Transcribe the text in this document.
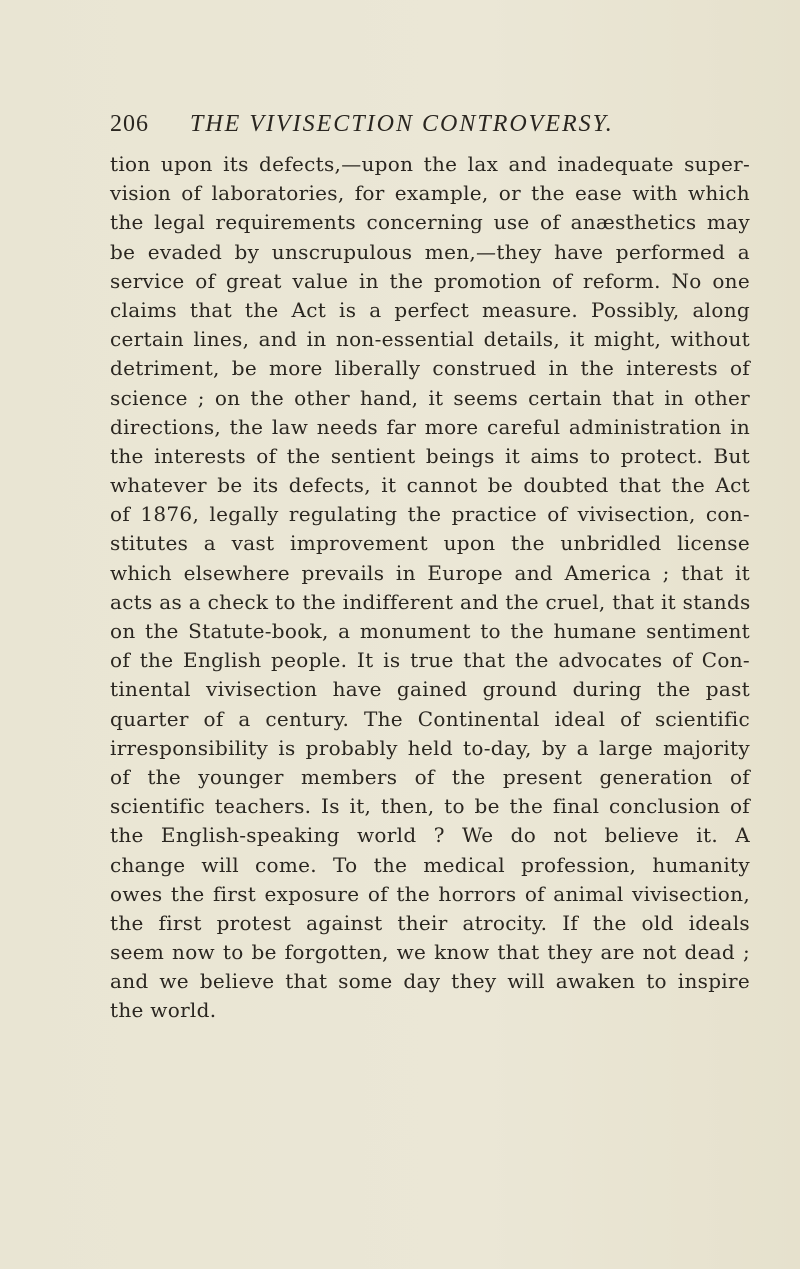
206 THE VIVISECTION CONTROVERSY.
tion upon its defects,—upon the lax and inadequate super-
vision of laboratories, for example, or the ease with which
the legal requirements concerning use of anæsthetics may
be evaded by unscrupulous men,—they have performed a
service of great value in the promotion of reform. No one
claims that the Act is a perfect measure. Possibly, along
certain lines, and in non-essential details, it might, without
detriment, be more liberally construed in the interests of
science ; on the other hand, it seems certain that in other
directions, the law needs far more careful administration in
the interests of the sentient beings it aims to protect. But
whatever be its defects, it cannot be doubted that the Act
of 1876, legally regulating the practice of vivisection, con-
stitutes a vast improvement upon the unbridled license
which elsewhere prevails in Europe and America ; that it
acts as a check to the indifferent and the cruel, that it stands
on the Statute-book, a monument to the humane sentiment
of the English people. It is true that the advocates of Con-
tinental vivisection have gained ground during the past
quarter of a century. The Continental ideal of scientific
irresponsibility is probably held to-day, by a large majority
of the younger members of the present generation of
scientific teachers. Is it, then, to be the final conclusion of
the English-speaking world ? We do not believe it. A
change will come. To the medical profession, humanity
owes the first exposure of the horrors of animal vivisection,
the first protest against their atrocity. If the old ideals
seem now to be forgotten, we know that they are not dead ;
and we believe that some day they will awaken to inspire
the world.
